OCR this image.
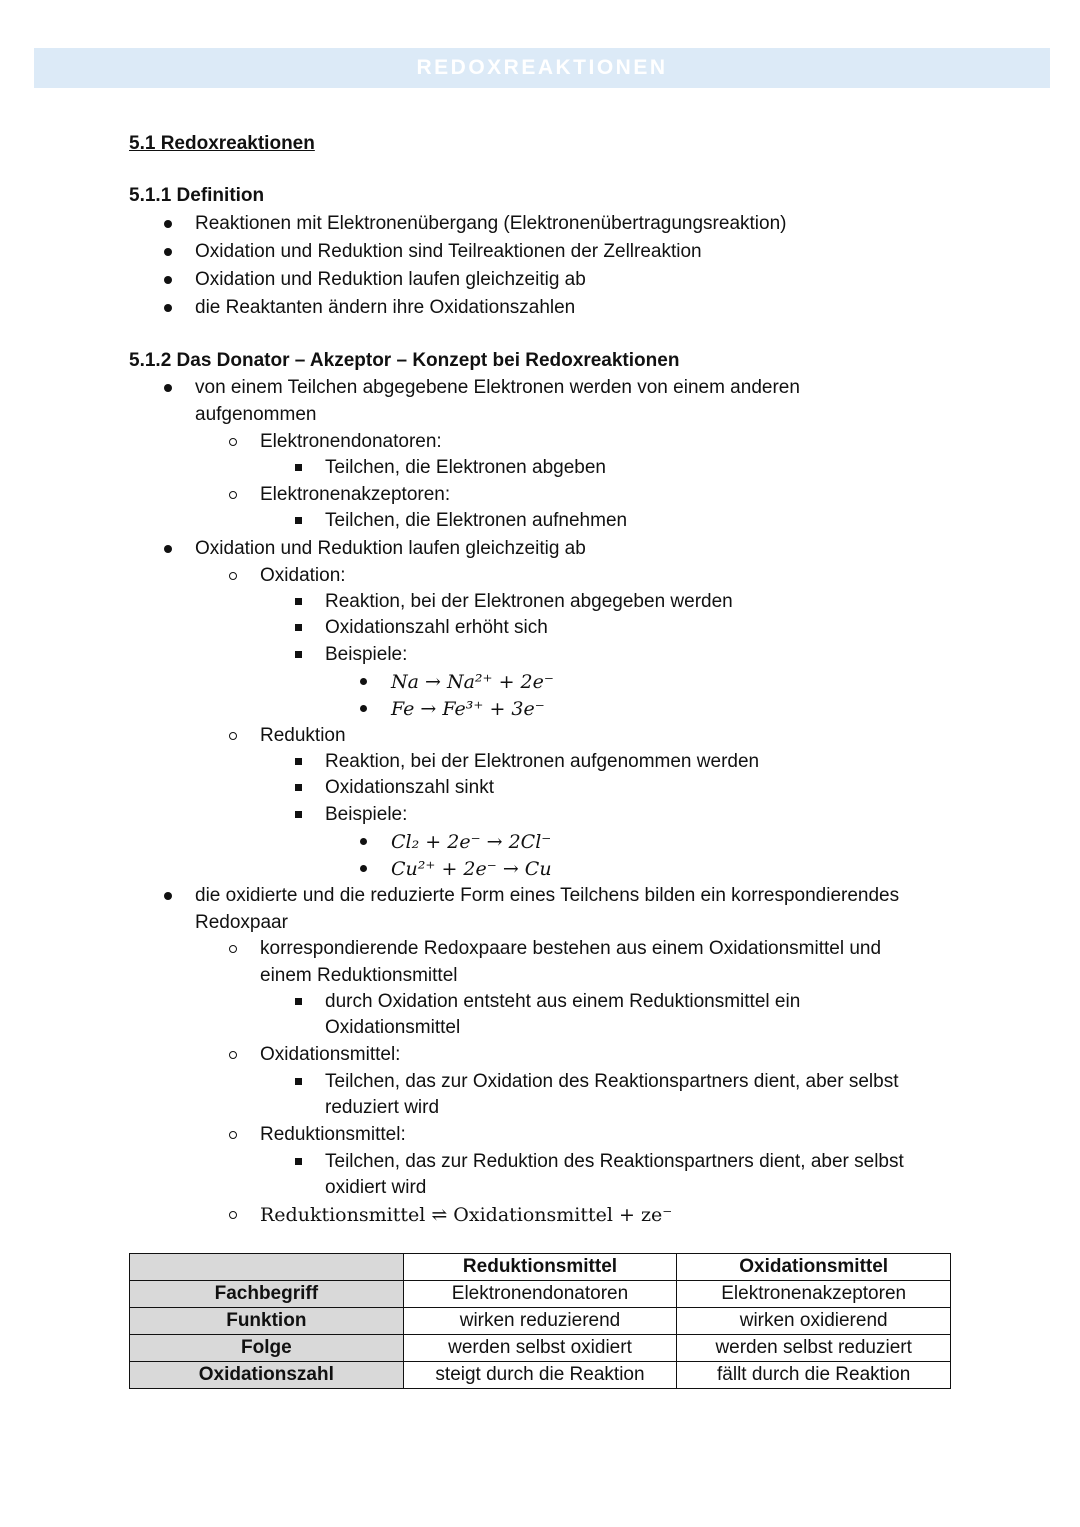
REDOXREAKTIONEN
5.1 Redoxreaktionen
5.1.1 Definition
Reaktionen mit Elektronenübergang (Elektronenübertragungsreaktion)
Oxidation und Reduktion sind Teilreaktionen der Zellreaktion
Oxidation und Reduktion laufen gleichzeitig ab
die Reaktanten ändern ihre Oxidationszahlen
5.1.2 Das Donator – Akzeptor – Konzept bei Redoxreaktionen
von einem Teilchen abgegebene Elektronen werden von einem anderen
aufgenommen
Elektronendonatoren:
Teilchen, die Elektronen abgeben
Elektronenakzeptoren:
Teilchen, die Elektronen aufnehmen
Oxidation und Reduktion laufen gleichzeitig ab
Oxidation:
Reaktion, bei der Elektronen abgegeben werden
Oxidationszahl erhöht sich
Beispiele:
Na → Na²⁺ + 2e⁻
Fe → Fe³⁺ + 3e⁻
Reduktion
Reaktion, bei der Elektronen aufgenommen werden
Oxidationszahl sinkt
Beispiele:
Cl₂ + 2e⁻ → 2Cl⁻
Cu²⁺ + 2e⁻ → Cu
die oxidierte und die reduzierte Form eines Teilchens bilden ein korrespondierendes
Redoxpaar
korrespondierende Redoxpaare bestehen aus einem Oxidationsmittel und
einem Reduktionsmittel
durch Oxidation entsteht aus einem Reduktionsmittel ein
Oxidationsmittel
Oxidationsmittel:
Teilchen, das zur Oxidation des Reaktionspartners dient, aber selbst
reduziert wird
Reduktionsmittel:
Teilchen, das zur Reduktion des Reaktionspartners dient, aber selbst
oxidiert wird
Reduktionsmittel ⇌ Oxidationsmittel + ze⁻
	Reduktionsmittel	Oxidationsmittel
Fachbegriff	Elektronendonatoren	Elektronenakzeptoren
Funktion	wirken reduzierend	wirken oxidierend
Folge	werden selbst oxidiert	werden selbst reduziert
Oxidationszahl	steigt durch die Reaktion	fällt durch die Reaktion
